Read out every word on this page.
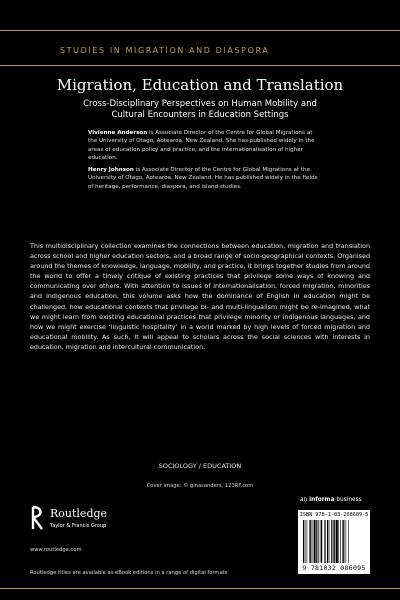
STUDIES IN MIGRATION AND DIASPORA
Migration, Education and Translation
Cross-Disciplinary Perspectives on Human Mobility and
Cultural Encounters in Education Settings
Vivienne Anderson is Associate Director of the Centre for Global Migrations at the University of Otago, Aotearoa, New Zealand. She has published widely in the areas of education policy and practice, and the internationalisation of higher education.
Henry Johnson is Associate Director of the Centre for Global Migrations at the University of Otago, Aotearoa, New Zealand. He has published widely in the fields of heritage, performance, diaspora, and island studies.
This multidisciplinary collection examines the connections between education, migration and translation across school and higher education sectors, and a broad range of socio-geographical contexts. Organised around the themes of knowledge, language, mobility, and practice, it brings together studies from around the world to offer a timely critique of existing practices that privilege some ways of knowing and communicating over others. With attention to issues of internationalisation, forced migration, minorities and indigenous education, this volume asks how the dominance of English in education might be challenged, how educational contexts that privilege bi- and multi-lingualism might be re-imagined, what we might learn from existing educational practices that privilege minority or indigenous languages, and how we might exercise ‘linguistic hospitality’ in a world marked by high levels of forced migration and educational mobility. As such, it will appeal to scholars across the social sciences with interests in education, migration and intercultural communication.
SOCIOLOGY / EDUCATION
Cover image: © ginasanders, 123RF.com
Routledge
Taylor & Francis Group
www.routledge.com
an informa business
ISBN 978-1-03-208609-5
9 781032 086095
Routledge titles are available as eBook editions in a range of digital formats
